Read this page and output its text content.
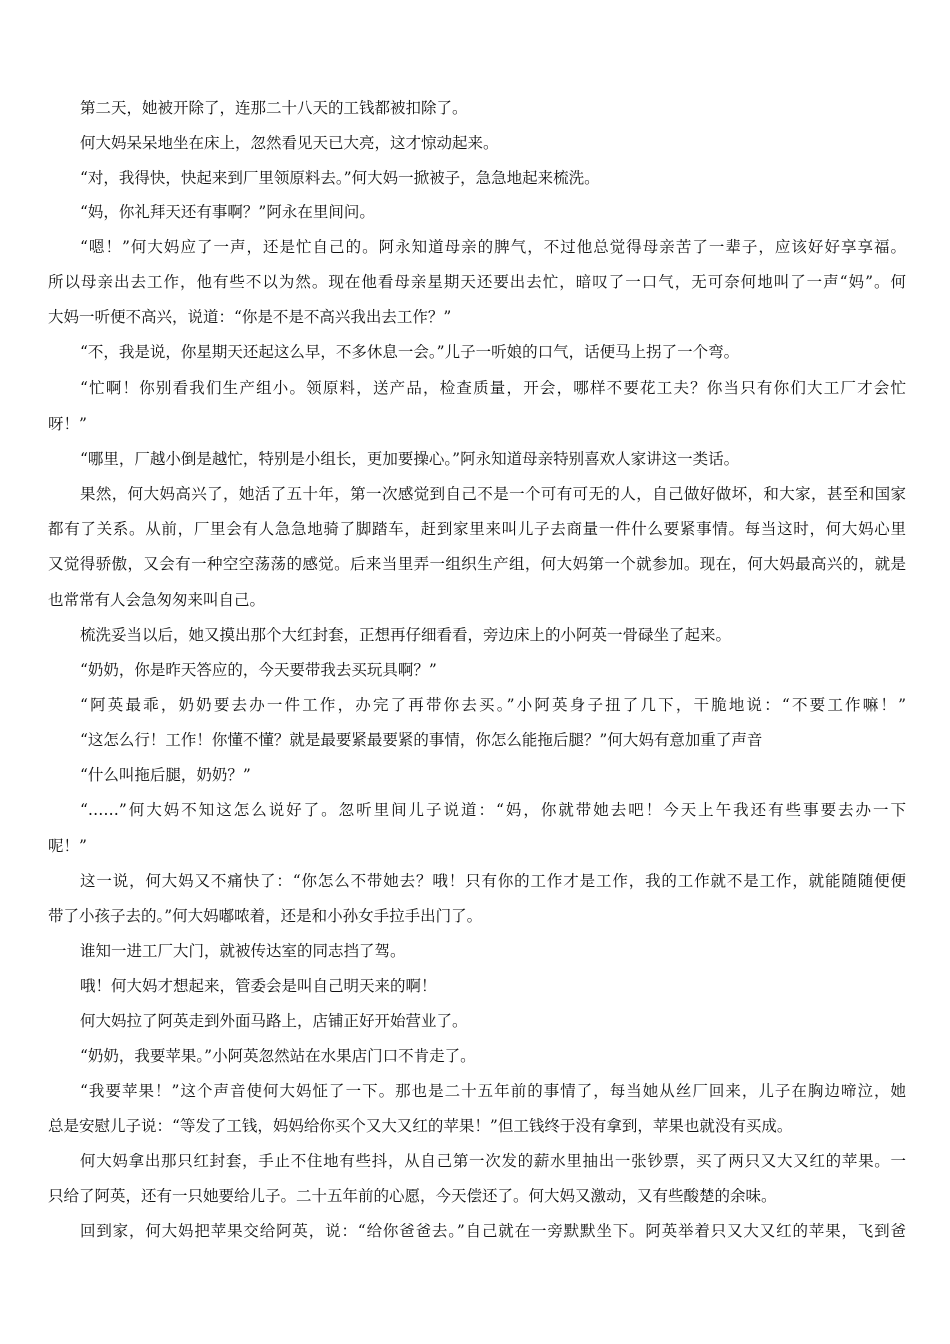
第二天，她被开除了，连那二十八天的工钱都被扣除了。
何大妈呆呆地坐在床上，忽然看见天已大亮，这才惊动起来。
“对，我得快，快起来到厂里领原料去。”何大妈一掀被子，急急地起来梳洗。
“妈，你礼拜天还有事啊？”阿永在里间问。
“嗯！”何大妈应了一声，还是忙自己的。阿永知道母亲的脾气，不过他总觉得母亲苦了一辈子，应该好好享享福。
所以母亲出去工作，他有些不以为然。现在他看母亲星期天还要出去忙，暗叹了一口气，无可奈何地叫了一声“妈”。何
大妈一听便不高兴，说道：“你是不是不高兴我出去工作？”
“不，我是说，你星期天还起这么早，不多休息一会。”儿子一听娘的口气，话便马上拐了一个弯。
“忙啊！你别看我们生产组小。领原料，送产品，检查质量，开会，哪样不要花工夫？你当只有你们大工厂才会忙
呀！”
“哪里，厂越小倒是越忙，特别是小组长，更加要操心。”阿永知道母亲特别喜欢人家讲这一类话。
果然，何大妈高兴了，她活了五十年，第一次感觉到自己不是一个可有可无的人，自己做好做坏，和大家，甚至和国家
都有了关系。从前，厂里会有人急急地骑了脚踏车，赶到家里来叫儿子去商量一件什么要紧事情。每当这时，何大妈心里
又觉得骄傲，又会有一种空空荡荡的感觉。后来当里弄一组织生产组，何大妈第一个就参加。现在，何大妈最高兴的，就是
也常常有人会急匆匆来叫自己。
梳洗妥当以后，她又摸出那个大红封套，正想再仔细看看，旁边床上的小阿英一骨碌坐了起来。
“奶奶，你是昨天答应的，今天要带我去买玩具啊？”
“阿英最乖，奶奶要去办一件工作，办完了再带你去买。”小阿英身子扭了几下，干脆地说：“不要工作嘛！”
“这怎么行！工作！你懂不懂？就是最要紧最要紧的事情，你怎么能拖后腿？”何大妈有意加重了声音
“什么叫拖后腿，奶奶？”
“……”何大妈不知这怎么说好了。忽听里间儿子说道：“妈，你就带她去吧！今天上午我还有些事要去办一下
呢！”
这一说，何大妈又不痛快了：“你怎么不带她去？哦！只有你的工作才是工作，我的工作就不是工作，就能随随便便
带了小孩子去的。”何大妈嘟哝着，还是和小孙女手拉手出门了。
谁知一进工厂大门，就被传达室的同志挡了驾。
哦！何大妈才想起来，管委会是叫自己明天来的啊！
何大妈拉了阿英走到外面马路上，店铺正好开始营业了。
“奶奶，我要苹果。”小阿英忽然站在水果店门口不肯走了。
“我要苹果！”这个声音使何大妈怔了一下。那也是二十五年前的事情了，每当她从丝厂回来，儿子在胸边啼泣，她
总是安慰儿子说：“等发了工钱，妈妈给你买个又大又红的苹果！”但工钱终于没有拿到，苹果也就没有买成。
何大妈拿出那只红封套，手止不住地有些抖，从自己第一次发的薪水里抽出一张钞票，买了两只又大又红的苹果。一
只给了阿英，还有一只她要给儿子。二十五年前的心愿，今天偿还了。何大妈又激动，又有些酸楚的余味。
回到家，何大妈把苹果交给阿英，说：“给你爸爸去。”自己就在一旁默默坐下。阿英举着只又大又红的苹果，飞到爸
